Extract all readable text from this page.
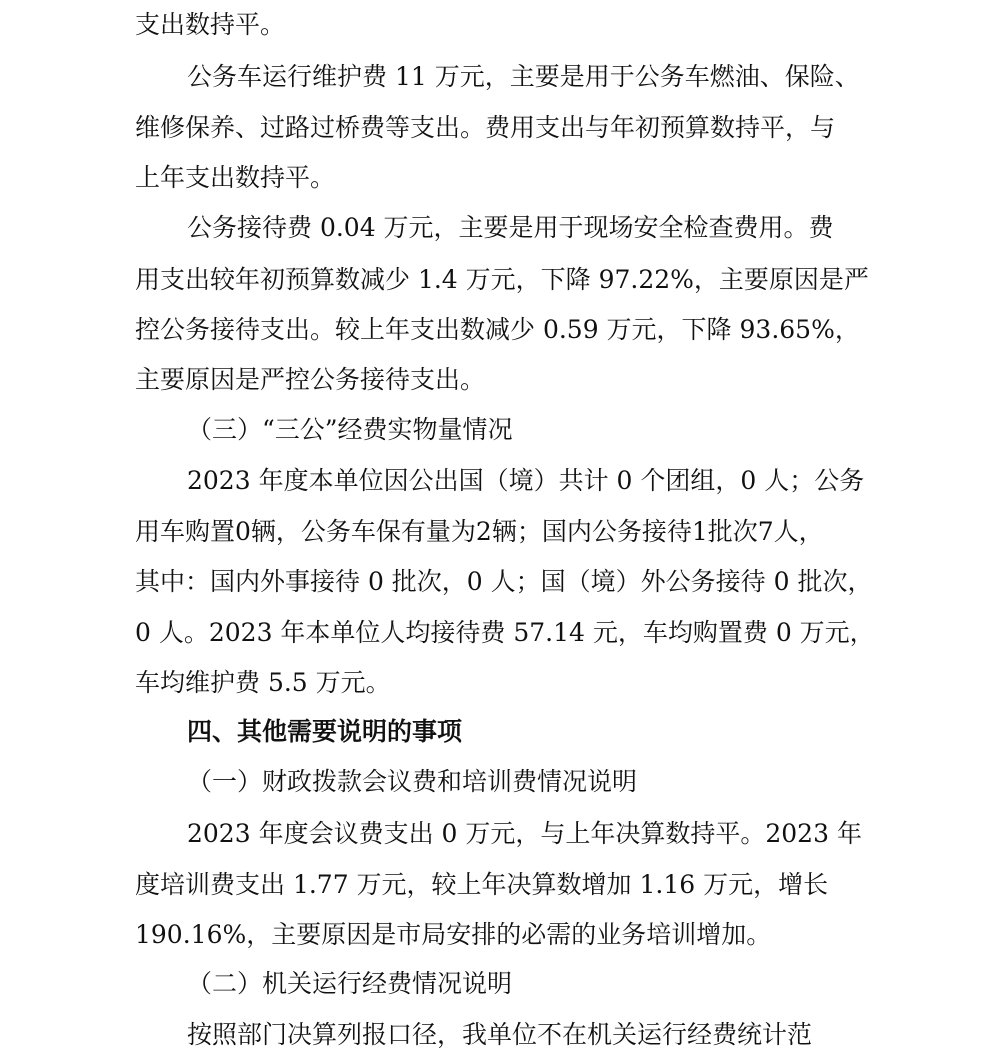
支出数持平。
公务车运行维护费 11 万元，主要是用于公务车燃油、保险、
维修保养、过路过桥费等支出。费用支出与年初预算数持平，与
上年支出数持平。
公务接待费 0.04 万元，主要是用于现场安全检查费用。费
用支出较年初预算数减少 1.4 万元，下降 97.22%，主要原因是严
控公务接待支出。较上年支出数减少 0.59 万元，下降 93.65%，
主要原因是严控公务接待支出。
（三）“三公”经费实物量情况
2023 年度本单位因公出国（境）共计 0 个团组，0 人；公务
用车购置0辆，公务车保有量为2辆；国内公务接待1批次7人，
其中：国内外事接待 0 批次，0 人；国（境）外公务接待 0 批次，
0 人。2023 年本单位人均接待费 57.14 元，车均购置费 0 万元，
车均维护费 5.5 万元。
四、其他需要说明的事项
（一）财政拨款会议费和培训费情况说明
2023 年度会议费支出 0 万元，与上年决算数持平。2023 年
度培训费支出 1.77 万元，较上年决算数增加 1.16 万元，增长
190.16%，主要原因是市局安排的必需的业务培训增加。
（二）机关运行经费情况说明
按照部门决算列报口径，我单位不在机关运行经费统计范
